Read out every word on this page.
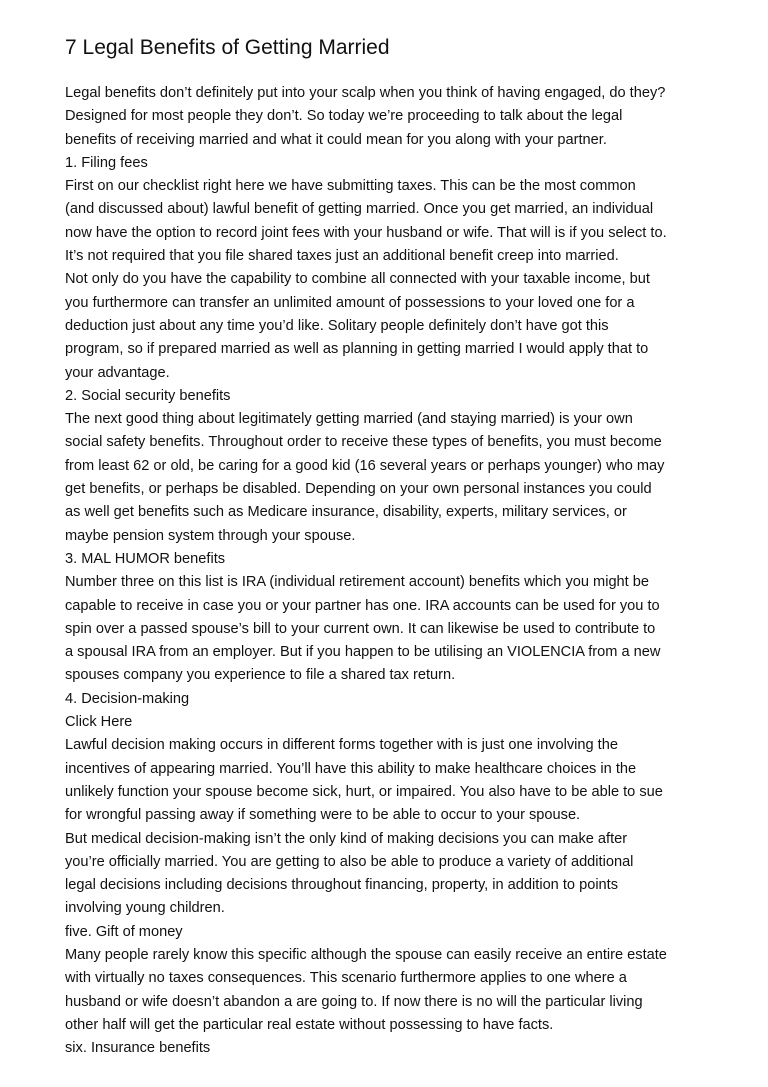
7 Legal Benefits of Getting Married
Legal benefits don’t definitely put into your scalp when you think of having engaged, do they?
Designed for most people they don’t. So today we’re proceeding to talk about the legal
benefits of receiving married and what it could mean for you along with your partner.
1. Filing fees
First on our checklist right here we have submitting taxes. This can be the most common
(and discussed about) lawful benefit of getting married. Once you get married, an individual
now have the option to record joint fees with your husband or wife. That will is if you select to.
It’s not required that you file shared taxes just an additional benefit creep into married.
Not only do you have the capability to combine all connected with your taxable income, but
you furthermore can transfer an unlimited amount of possessions to your loved one for a
deduction just about any time you’d like. Solitary people definitely don’t have got this
program, so if prepared married as well as planning in getting married I would apply that to
your advantage.
2. Social security benefits
The next good thing about legitimately getting married (and staying married) is your own
social safety benefits. Throughout order to receive these types of benefits, you must become
from least 62 or old, be caring for a good kid (16 several years or perhaps younger) who may
get benefits, or perhaps be disabled. Depending on your own personal instances you could
as well get benefits such as Medicare insurance, disability, experts, military services, or
maybe pension system through your spouse.
3. MAL HUMOR benefits
Number three on this list is IRA (individual retirement account) benefits which you might be
capable to receive in case you or your partner has one. IRA accounts can be used for you to
spin over a passed spouse’s bill to your current own. It can likewise be used to contribute to
a spousal IRA from an employer. But if you happen to be utilising an VIOLENCIA from a new
spouses company you experience to file a shared tax return.
4. Decision-making
Click Here
Lawful decision making occurs in different forms together with is just one involving the
incentives of appearing married. You’ll have this ability to make healthcare choices in the
unlikely function your spouse become sick, hurt, or impaired. You also have to be able to sue
for wrongful passing away if something were to be able to occur to your spouse.
But medical decision-making isn’t the only kind of making decisions you can make after
you’re officially married. You are getting to also be able to produce a variety of additional
legal decisions including decisions throughout financing, property, in addition to points
involving young children.
five. Gift of money
Many people rarely know this specific although the spouse can easily receive an entire estate
with virtually no taxes consequences. This scenario furthermore applies to one where a
husband or wife doesn’t abandon a are going to. If now there is no will the particular living
other half will get the particular real estate without possessing to have facts.
six. Insurance benefits
